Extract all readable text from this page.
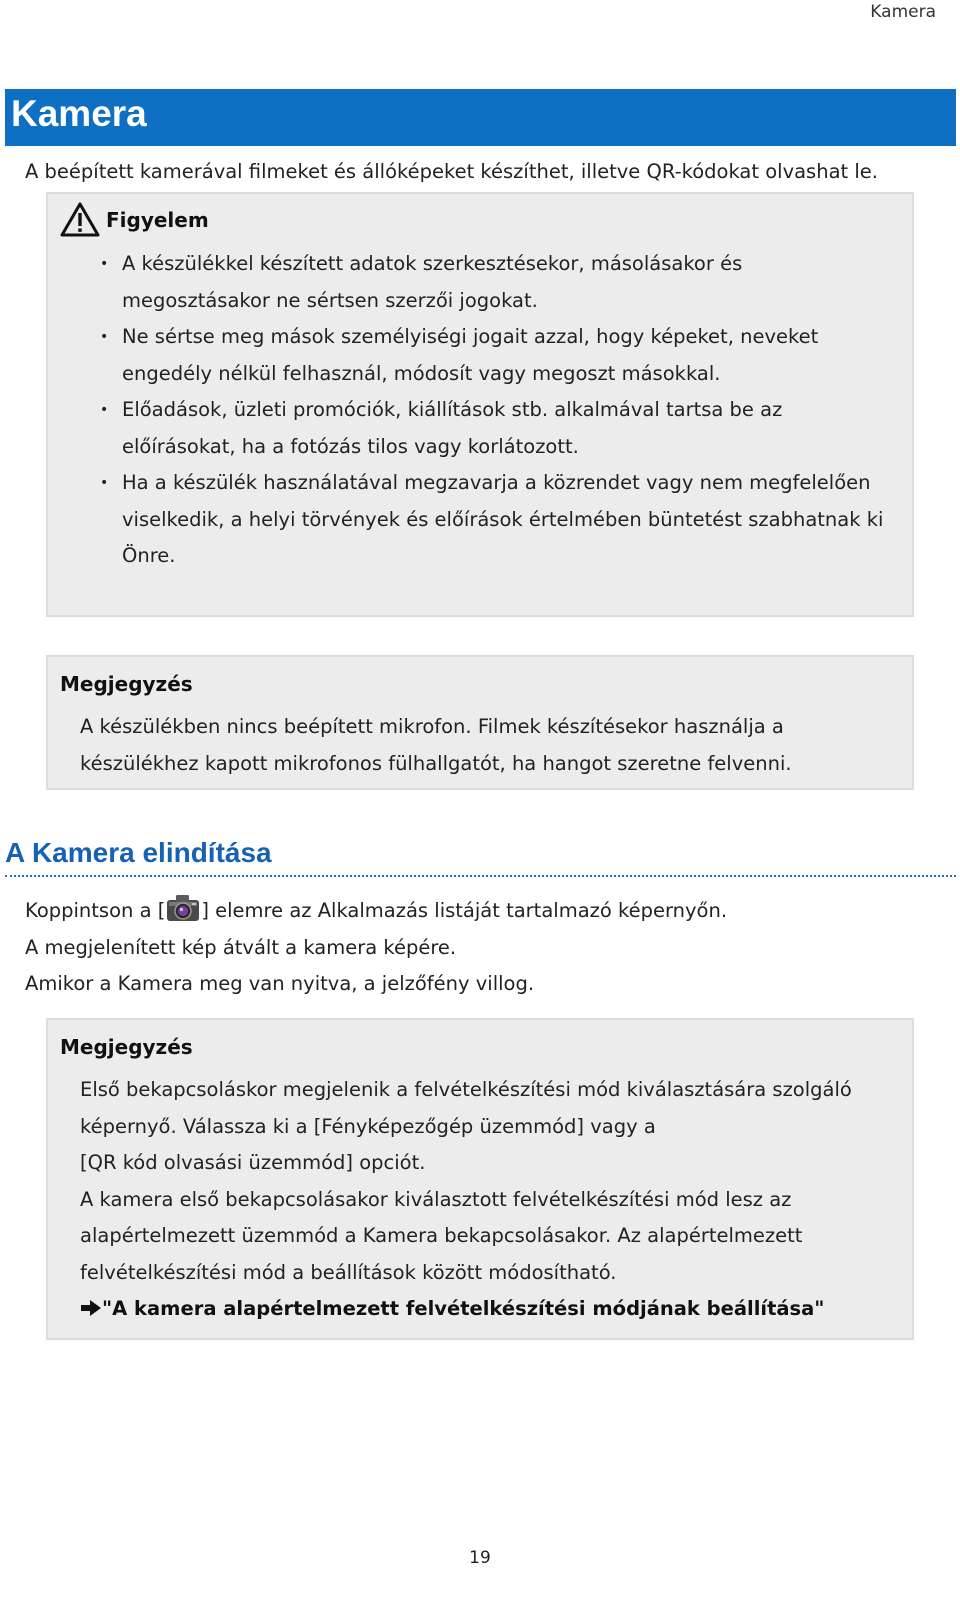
Kamera
Kamera
A beépített kamerával filmeket és állóképeket készíthet, illetve QR-kódokat olvashat le.
Figyelem
• A készülékkel készített adatok szerkesztésekor, másolásakor és megosztásakor ne sértsen szerzői jogokat.
• Ne sértse meg mások személyiségi jogait azzal, hogy képeket, neveket engedély nélkül felhasznál, módosít vagy megoszt másokkal.
• Előadások, üzleti promóciók, kiállítások stb. alkalmával tartsa be az előírásokat, ha a fotózás tilos vagy korlátozott.
• Ha a készülék használatával megzavarja a közrendet vagy nem megfelelően viselkedik, a helyi törvények és előírások értelmében büntetést szabhatnak ki Önre.
Megjegyzés
A készülékben nincs beépített mikrofon. Filmek készítésekor használja a készülékhez kapott mikrofonos fülhallgatót, ha hangot szeretne felvenni.
A Kamera elindítása

Koppintson a [ ] elemre az Alkalmazás listáját tartalmazó képernyőn.

A megjelenített kép átvált a kamera képére.

Amikor a Kamera meg van nyitva, a jelzőfény villog.

Megjegyzés

Első bekapcsoláskor megjelenik a felvételkészítési mód kiválasztására szolgáló képernyő. Válassza ki a [Fényképezőgép üzemmód] vagy a

[QR kód olvasási üzemmód] opciót.

A kamera első bekapcsolásakor kiválasztott felvételkészítési mód lesz az alapértelmezett üzemmód a Kamera bekapcsolásakor. Az alapértelmezett felvételkészítési mód a beállítások között módosítható.

"A kamera alapértelmezett felvételkészítési módjának beállítása"

19
